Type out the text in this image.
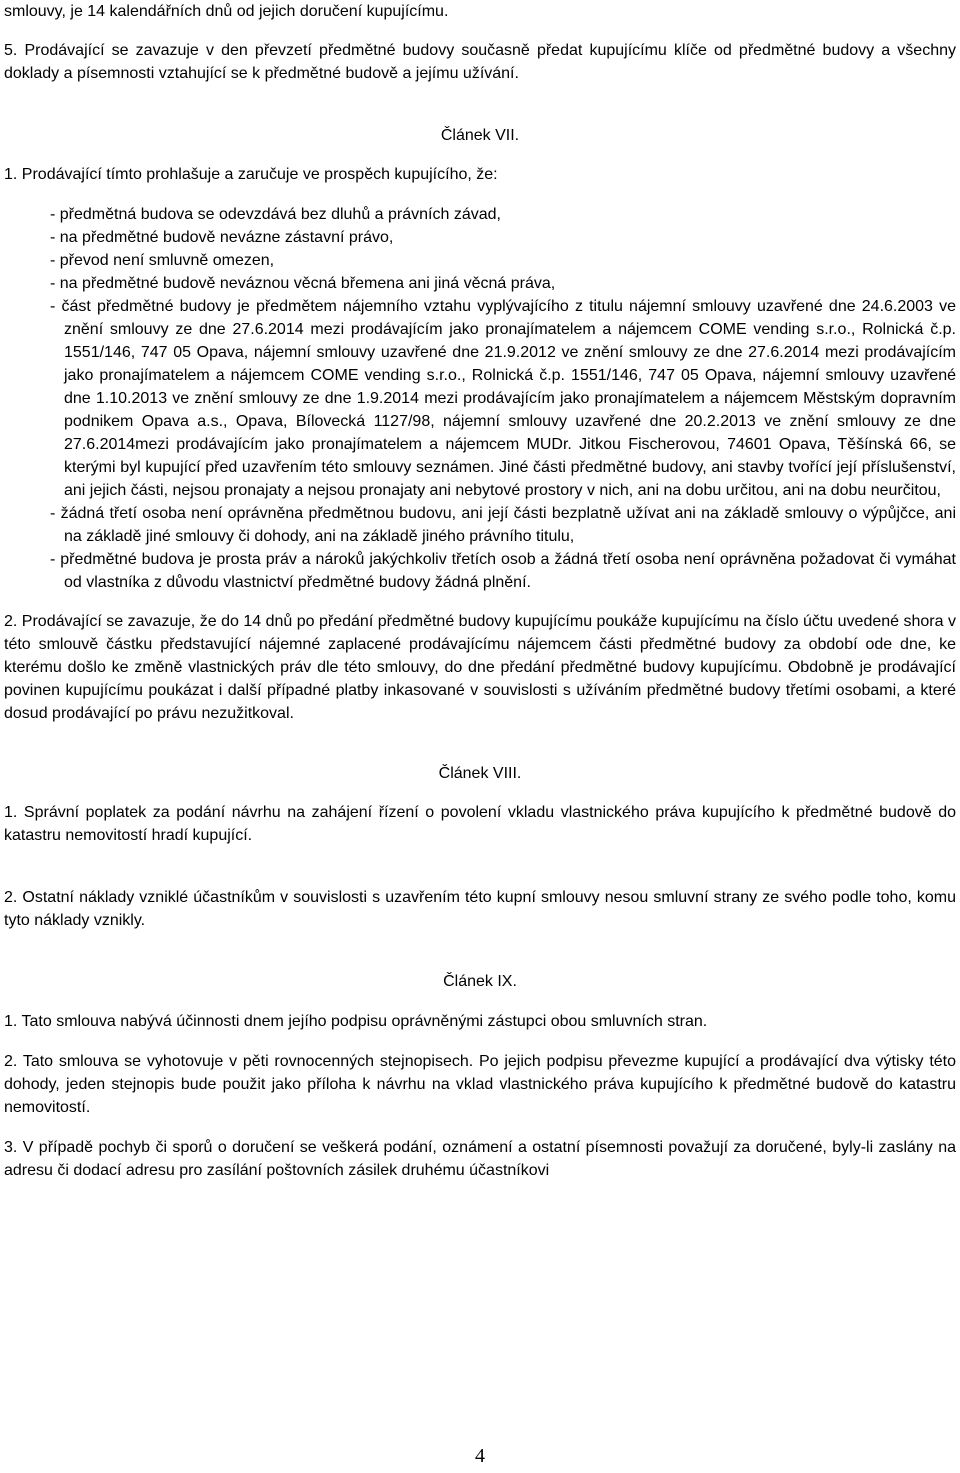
smlouvy, je 14 kalendářních dnů od jejich doručení kupujícímu.

5. Prodávající se zavazuje v den převzetí předmětné budovy současně předat kupujícímu klíče od předmětné budovy a všechny doklady a písemnosti vztahující se k předmětné budově a jejímu užívání.

Článek VII.

1. Prodávající tímto prohlašuje a zaručuje ve prospěch kupujícího, že:

- předmětná budova se odevzdává bez dluhů a právních závad,
- na předmětné budově nevázne zástavní právo,
- převod není smluvně omezen,
- na předmětné budově neváznou věcná břemena ani jiná věcná práva,
- část předmětné budovy je předmětem nájemního vztahu vyplývajícího z titulu nájemní smlouvy uzavřené dne 24.6.2003 ve znění smlouvy ze dne 27.6.2014 mezi prodávajícím jako pronajímatelem a nájemcem COME vending s.r.o., Rolnická č.p. 1551/146, 747 05 Opava, nájemní smlouvy uzavřené dne 21.9.2012 ve znění smlouvy ze dne 27.6.2014 mezi prodávajícím jako pronajímatelem a nájemcem COME vending s.r.o., Rolnická č.p. 1551/146, 747 05 Opava, nájemní smlouvy uzavřené dne 1.10.2013 ve znění smlouvy ze dne 1.9.2014 mezi prodávajícím jako pronajímatelem a nájemcem Městským dopravním podnikem Opava a.s., Opava, Bílovecká 1127/98, nájemní smlouvy uzavřené dne 20.2.2013 ve znění smlouvy ze dne 27.6.2014mezi prodávajícím jako pronajímatelem a nájemcem MUDr. Jitkou Fischerovou, 74601 Opava, Těšínská 66, se kterými byl kupující před uzavřením této smlouvy seznámen. Jiné části předmětné budovy, ani stavby tvořící její příslušenství, ani jejich části, nejsou pronajaty a nejsou pronajaty ani nebytové prostory v nich, ani na dobu určitou, ani na dobu neurčitou,
- žádná třetí osoba není oprávněna předmětnou budovu, ani její části bezplatně užívat ani na základě smlouvy o výpůjčce, ani na základě jiné smlouvy či dohody, ani na základě jiného právního titulu,
- předmětné budova je prosta práv a nároků jakýchkoliv třetích osob a žádná třetí osoba není oprávněna požadovat či vymáhat od vlastníka z důvodu vlastnictví předmětné budovy žádná plnění.

2. Prodávající se zavazuje, že do 14 dnů po předání předmětné budovy kupujícímu poukáže kupujícímu na číslo účtu uvedené shora v této smlouvě částku představující nájemné zaplacené prodávajícímu nájemcem části předmětné budovy za období ode dne, ke kterému došlo ke změně vlastnických práv dle této smlouvy, do dne předání předmětné budovy kupujícímu. Obdobně je prodávající povinen kupujícímu poukázat i další případné platby inkasované v souvislosti s užíváním předmětné budovy třetími osobami, a které dosud prodávající po právu nezužitkoval.

Článek VIII.

1. Správní poplatek za podání návrhu na zahájení řízení o povolení vkladu vlastnického práva kupujícího k předmětné budově do katastru nemovitostí hradí kupující.

2. Ostatní náklady vzniklé účastníkům v souvislosti s uzavřením této kupní smlouvy nesou smluvní strany ze svého podle toho, komu tyto náklady vznikly.

Článek IX.

1. Tato smlouva nabývá účinnosti dnem jejího podpisu oprávněnými zástupci obou smluvních stran.

2. Tato smlouva se vyhotovuje v pěti rovnocenných stejnopisech. Po jejich podpisu převezme kupující a prodávající dva výtisky této dohody, jeden stejnopis bude použit jako příloha k návrhu na vklad vlastnického práva kupujícího k předmětné budově do katastru nemovitostí.

3. V případě pochyb či sporů o doručení se veškerá podání, oznámení a ostatní písemnosti považují za doručené, byly-li zaslány na adresu či dodací adresu pro zasílání poštovních zásilek druhému účastníkovi

4
